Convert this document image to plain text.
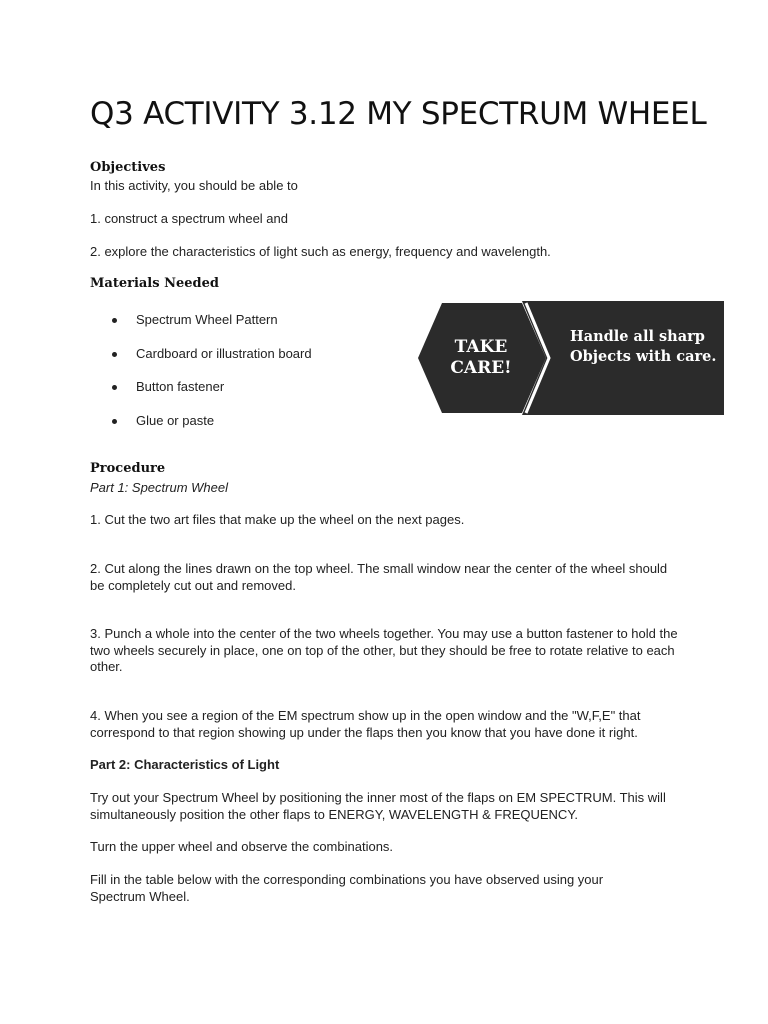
Q3 ACTIVITY 3.12 MY SPECTRUM WHEEL
Objectives

In this activity, you should be able to

1. construct a spectrum wheel and

2. explore the characteristics of light such as energy, frequency and wavelength.

Materials Needed
Spectrum Wheel Pattern
Cardboard or illustration board
Button fastener
Glue or paste
TAKE CARE!
Handle all sharp Objects with care.
Procedure

Part 1: Spectrum Wheel

1. Cut the two art files that make up the wheel on the next pages.

2. Cut along the lines drawn on the top wheel. The small window near the center of the wheel should be completely cut out and removed.

3. Punch a whole into the center of the two wheels together. You may use a button fastener to hold the two wheels securely in place, one on top of the other, but they should be free to rotate relative to each other.

4. When you see a region of the EM spectrum show up in the open window and the "W,F,E" that correspond to that region showing up under the flaps then you know that you have done it right.

Part 2: Characteristics of Light

Try out your Spectrum Wheel by positioning the inner most of the flaps on EM SPECTRUM. This will simultaneously position the other flaps to ENERGY, WAVELENGTH & FREQUENCY.

Turn the upper wheel and observe the combinations.

Fill in the table below with the corresponding combinations you have observed using your Spectrum Wheel.
